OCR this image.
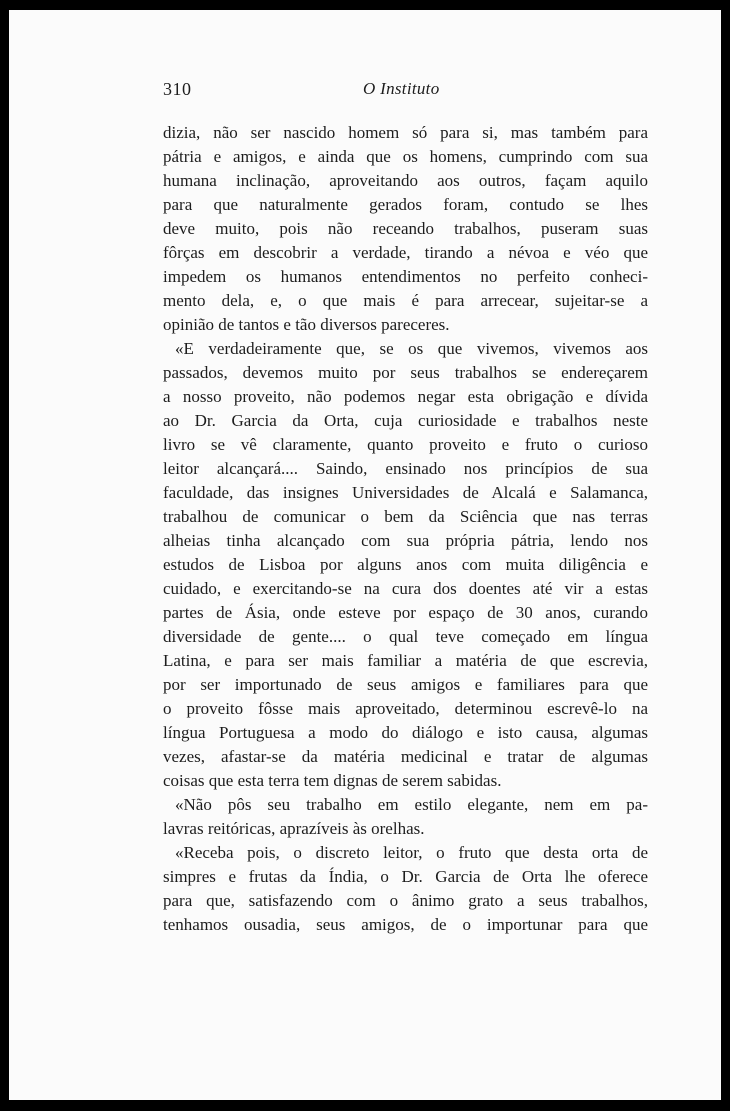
310	O Instituto
dizia, não ser nascido homem só para si, mas também para
pátria e amigos, e ainda que os homens, cumprindo com sua
humana inclinação, aproveitando aos outros, façam aquilo
para que naturalmente gerados foram, contudo se lhes
deve muito, pois não receando trabalhos, puseram suas
fôrças em descobrir a verdade, tirando a névoa e véo que
impedem os humanos entendimentos no perfeito conheci-
mento dela, e, o que mais é para arrecear, sujeitar-se a
opinião de tantos e tão diversos pareceres.
«E verdadeiramente que, se os que vivemos, vivemos aos
passados, devemos muito por seus trabalhos se endereçarem
a nosso proveito, não podemos negar esta obrigação e dívida
ao Dr. Garcia da Orta, cuja curiosidade e trabalhos neste
livro se vê claramente, quanto proveito e fruto o curioso
leitor alcançará.... Saindo, ensinado nos princípios de sua
faculdade, das insignes Universidades de Alcalá e Salamanca,
trabalhou de comunicar o bem da Sciência que nas terras
alheias tinha alcançado com sua própria pátria, lendo nos
estudos de Lisboa por alguns anos com muita diligência e
cuidado, e exercitando-se na cura dos doentes até vir a estas
partes de Ásia, onde esteve por espaço de 30 anos, curando
diversidade de gente.... o qual teve começado em língua
Latina, e para ser mais familiar a matéria de que escrevia,
por ser importunado de seus amigos e familiares para que
o proveito fôsse mais aproveitado, determinou escrevê-lo na
língua Portuguesa a modo do diálogo e isto causa, algumas
vezes, afastar-se da matéria medicinal e tratar de algumas
coisas que esta terra tem dignas de serem sabidas.
«Não pôs seu trabalho em estilo elegante, nem em pa-
lavras reitóricas, aprazíveis às orelhas.
«Receba pois, o discreto leitor, o fruto que desta orta de
simpres e frutas da Índia, o Dr. Garcia de Orta lhe oferece
para que, satisfazendo com o ânimo grato a seus trabalhos,
tenhamos ousadia, seus amigos, de o importunar para que
